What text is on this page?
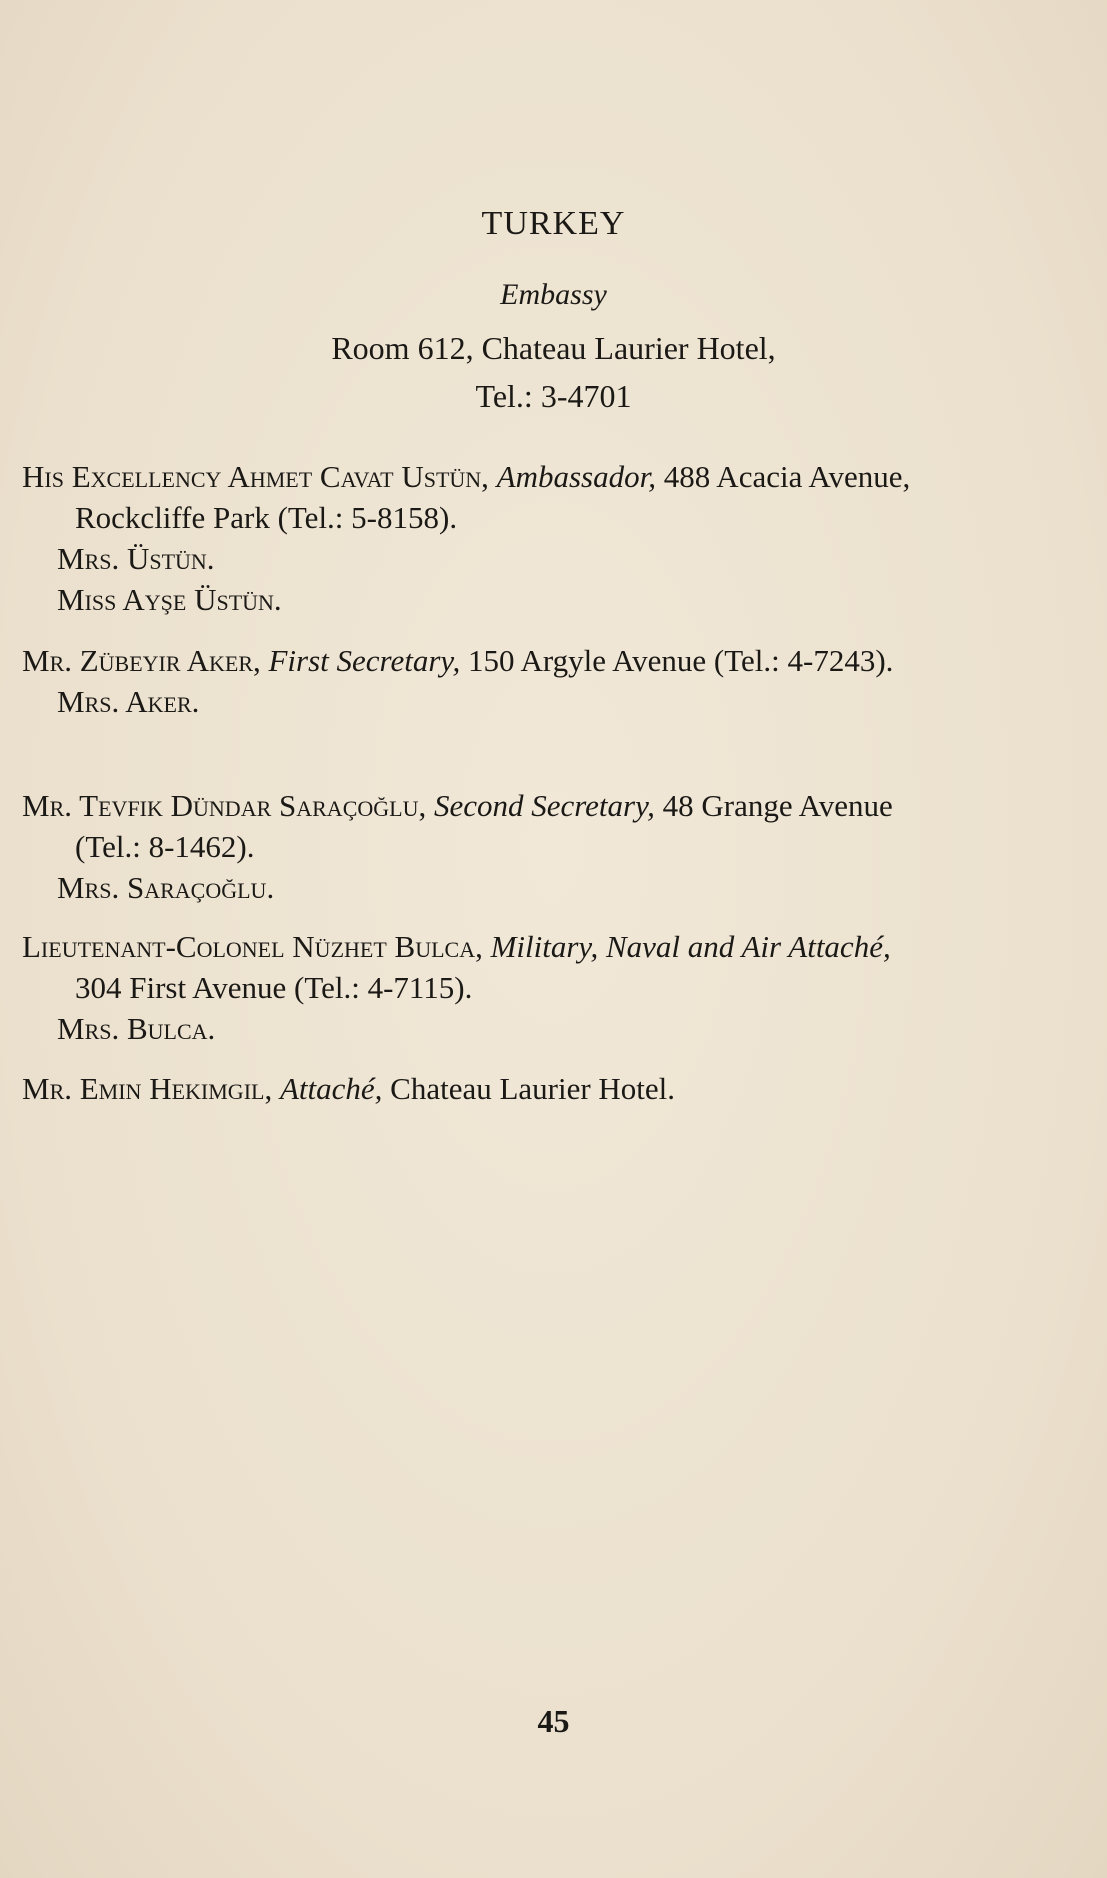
TURKEY
Embassy
Room 612, Chateau Laurier Hotel,
Tel.: 3-4701
His Excellency Ahmet Cavat Ustün, Ambassador, 488 Acacia Avenue, Rockcliffe Park (Tel.: 5-8158).
Mrs. Üstün.
Miss Ayşe Üstün.
Mr. Zübeyir Aker, First Secretary, 150 Argyle Avenue (Tel.: 4-7243).
Mrs. Aker.
Mr. Tevfik Dündar Saraçoğlu, Second Secretary, 48 Grange Avenue (Tel.: 8-1462).
Mrs. Saraçoğlu.
Lieutenant-Colonel Nüzhet Bulca, Military, Naval and Air Attaché, 304 First Avenue (Tel.: 4-7115).
Mrs. Bulca.
Mr. Emin Hekimgil, Attaché, Chateau Laurier Hotel.
45
